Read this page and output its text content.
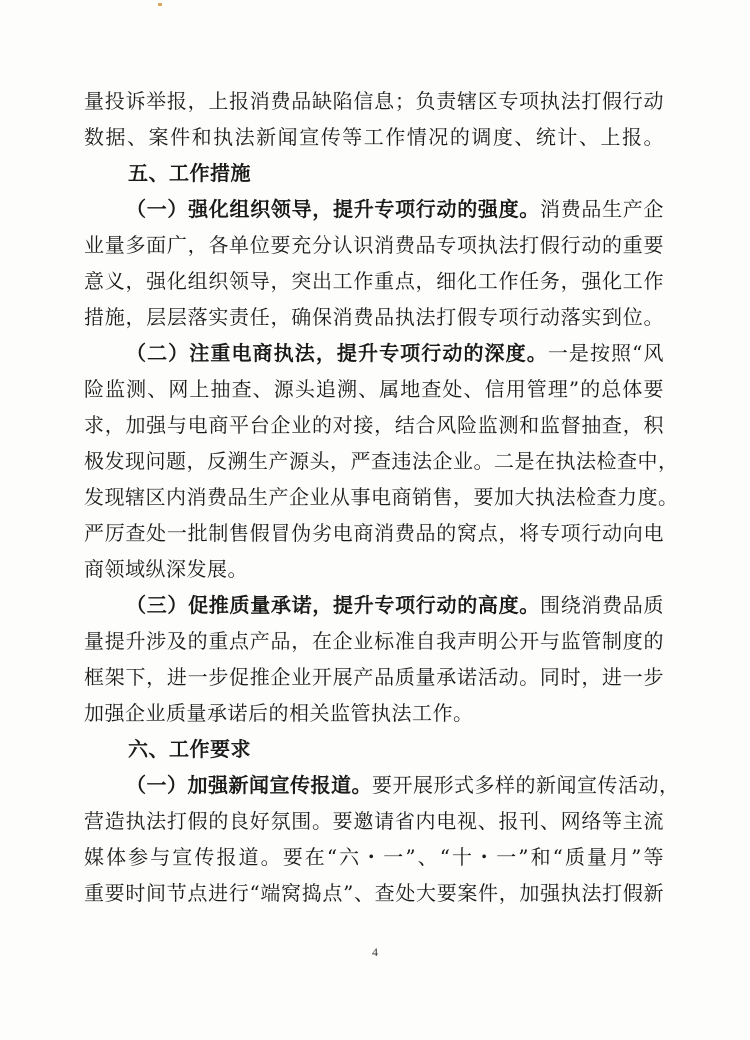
量投诉举报，上报消费品缺陷信息；负责辖区专项执法打假行动
数据、案件和执法新闻宣传等工作情况的调度、统计、上报。
五、工作措施
（一）强化组织领导，提升专项行动的强度。消费品生产企
业量多面广，各单位要充分认识消费品专项执法打假行动的重要
意义，强化组织领导，突出工作重点，细化工作任务，强化工作
措施，层层落实责任，确保消费品执法打假专项行动落实到位。
（二）注重电商执法，提升专项行动的深度。一是按照“风
险监测、网上抽查、源头追溯、属地查处、信用管理”的总体要
求，加强与电商平台企业的对接，结合风险监测和监督抽查，积
极发现问题，反溯生产源头，严查违法企业。二是在执法检查中，
发现辖区内消费品生产企业从事电商销售，要加大执法检查力度。
严厉查处一批制售假冒伪劣电商消费品的窝点，将专项行动向电
商领域纵深发展。
（三）促推质量承诺，提升专项行动的高度。围绕消费品质
量提升涉及的重点产品，在企业标准自我声明公开与监管制度的
框架下，进一步促推企业开展产品质量承诺活动。同时，进一步
加强企业质量承诺后的相关监管执法工作。
六、工作要求
（一）加强新闻宣传报道。要开展形式多样的新闻宣传活动，
营造执法打假的良好氛围。要邀请省内电视、报刊、网络等主流
媒体参与宣传报道。要在“六・一”、“十・一”和“质量月”等
重要时间节点进行“端窝捣点”、查处大要案件，加强执法打假新
4
